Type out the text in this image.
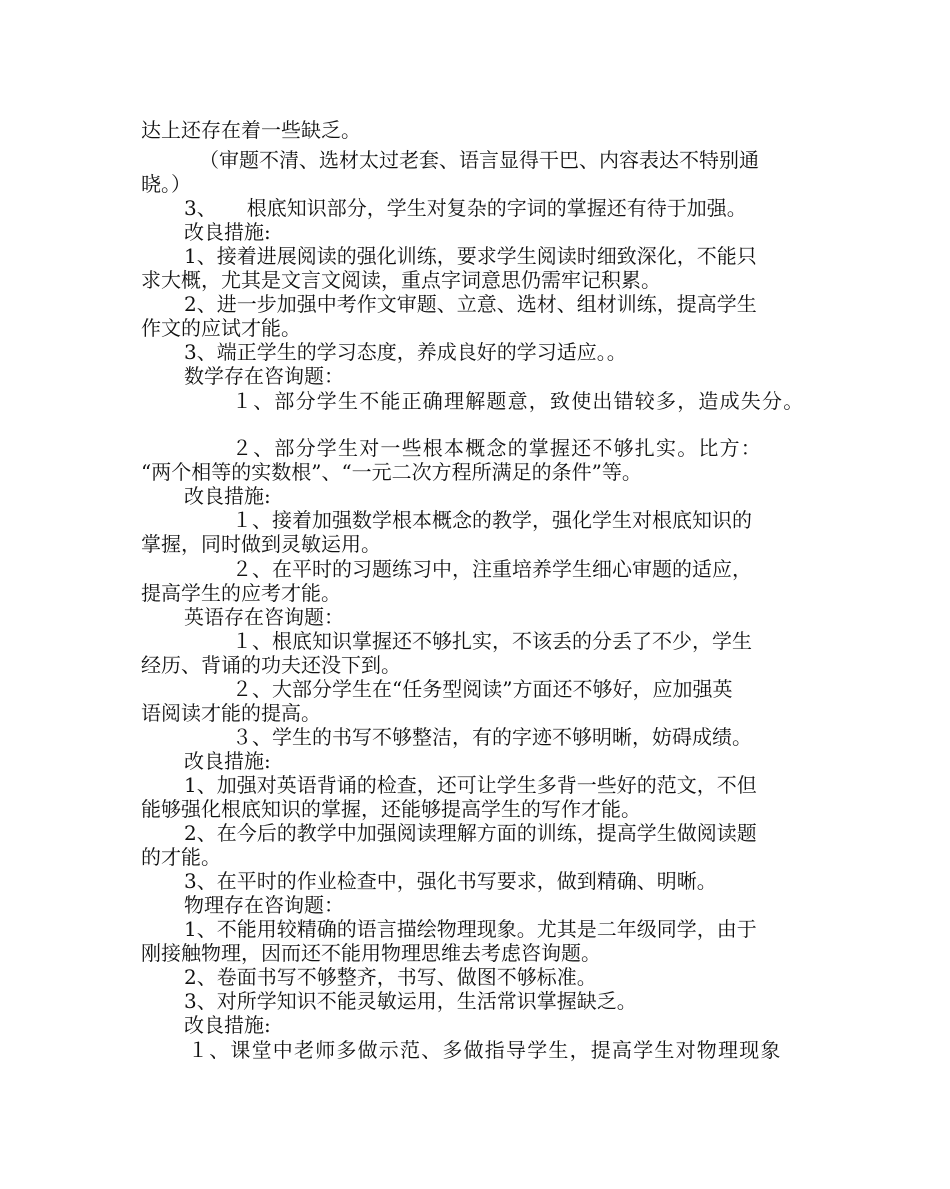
达上还存在着一些缺乏。

（审题不清、选材太过老套、语言显得干巴、内容表达不特别通

晓。）

3、　　根底知识部分，学生对复杂的字词的掌握还有待于加强。

改良措施:

1、接着进展阅读的强化训练，要求学生阅读时细致深化，不能只

求大概，尤其是文言文阅读，重点字词意思仍需牢记积累。

2、进一步加强中考作文审题、立意、选材、组材训练，提高学生

作文的应试才能。

3、端正学生的学习态度，养成良好的学习适应。。

数学存在咨询题：

１、部分学生不能正确理解题意，致使出错较多，造成失分。

２、部分学生对一些根本概念的掌握还不够扎实。比方：

“两个相等的实数根”、“一元二次方程所满足的条件”等。

改良措施:

１、接着加强数学根本概念的教学，强化学生对根底知识的

掌握，同时做到灵敏运用。

２、在平时的习题练习中，注重培养学生细心审题的适应，

提高学生的应考才能。

英语存在咨询题：

１、根底知识掌握还不够扎实，不该丢的分丢了不少，学生

经历、背诵的功夫还没下到。

２、大部分学生在“任务型阅读”方面还不够好，应加强英

语阅读才能的提高。

３、学生的书写不够整洁，有的字迹不够明晰，妨碍成绩。

改良措施:

1、加强对英语背诵的检查，还可让学生多背一些好的范文，不但

能够强化根底知识的掌握，还能够提高学生的写作才能。

2、在今后的教学中加强阅读理解方面的训练，提高学生做阅读题

的才能。

3、在平时的作业检查中，强化书写要求，做到精确、明晰。

物理存在咨询题：

1、不能用较精确的语言描绘物理现象。尤其是二年级同学，由于

刚接触物理，因而还不能用物理思维去考虑咨询题。

2、卷面书写不够整齐，书写、做图不够标准。

3、对所学知识不能灵敏运用，生活常识掌握缺乏。

改良措施:

１、课堂中老师多做示范、多做指导学生，提高学生对物理现象
